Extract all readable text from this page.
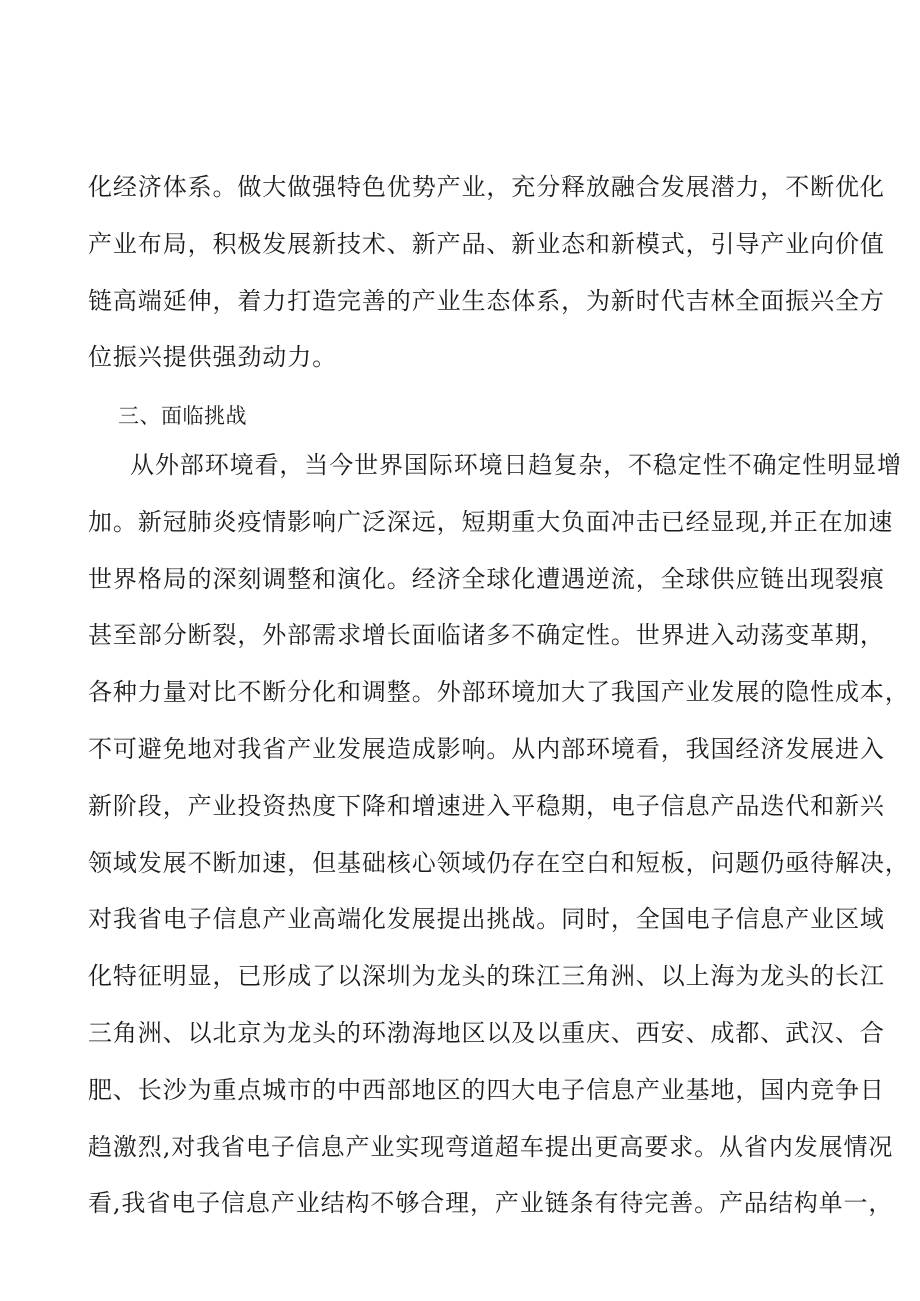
化经济体系。做大做强特色优势产业，充分释放融合发展潜力，不断优化
产业布局，积极发展新技术、新产品、新业态和新模式，引导产业向价值
链高端延伸，着力打造完善的产业生态体系，为新时代吉林全面振兴全方
位振兴提供强劲动力。
三、面临挑战
从外部环境看，当今世界国际环境日趋复杂，不稳定性不确定性明显增
加。新冠肺炎疫情影响广泛深远，短期重大负面冲击已经显现,并正在加速
世界格局的深刻调整和演化。经济全球化遭遇逆流，全球供应链出现裂痕
甚至部分断裂，外部需求增长面临诸多不确定性。世界进入动荡变革期，
各种力量对比不断分化和调整。外部环境加大了我国产业发展的隐性成本，
不可避免地对我省产业发展造成影响。从内部环境看，我国经济发展进入
新阶段，产业投资热度下降和增速进入平稳期，电子信息产品迭代和新兴
领域发展不断加速，但基础核心领域仍存在空白和短板，问题仍亟待解决，
对我省电子信息产业高端化发展提出挑战。同时，全国电子信息产业区域
化特征明显，已形成了以深圳为龙头的珠江三角洲、以上海为龙头的长江
三角洲、以北京为龙头的环渤海地区以及以重庆、西安、成都、武汉、合
肥、长沙为重点城市的中西部地区的四大电子信息产业基地，国内竞争日
趋激烈,对我省电子信息产业实现弯道超车提出更高要求。从省内发展情况
看,我省电子信息产业结构不够合理，产业链条有待完善。产品结构单一，
